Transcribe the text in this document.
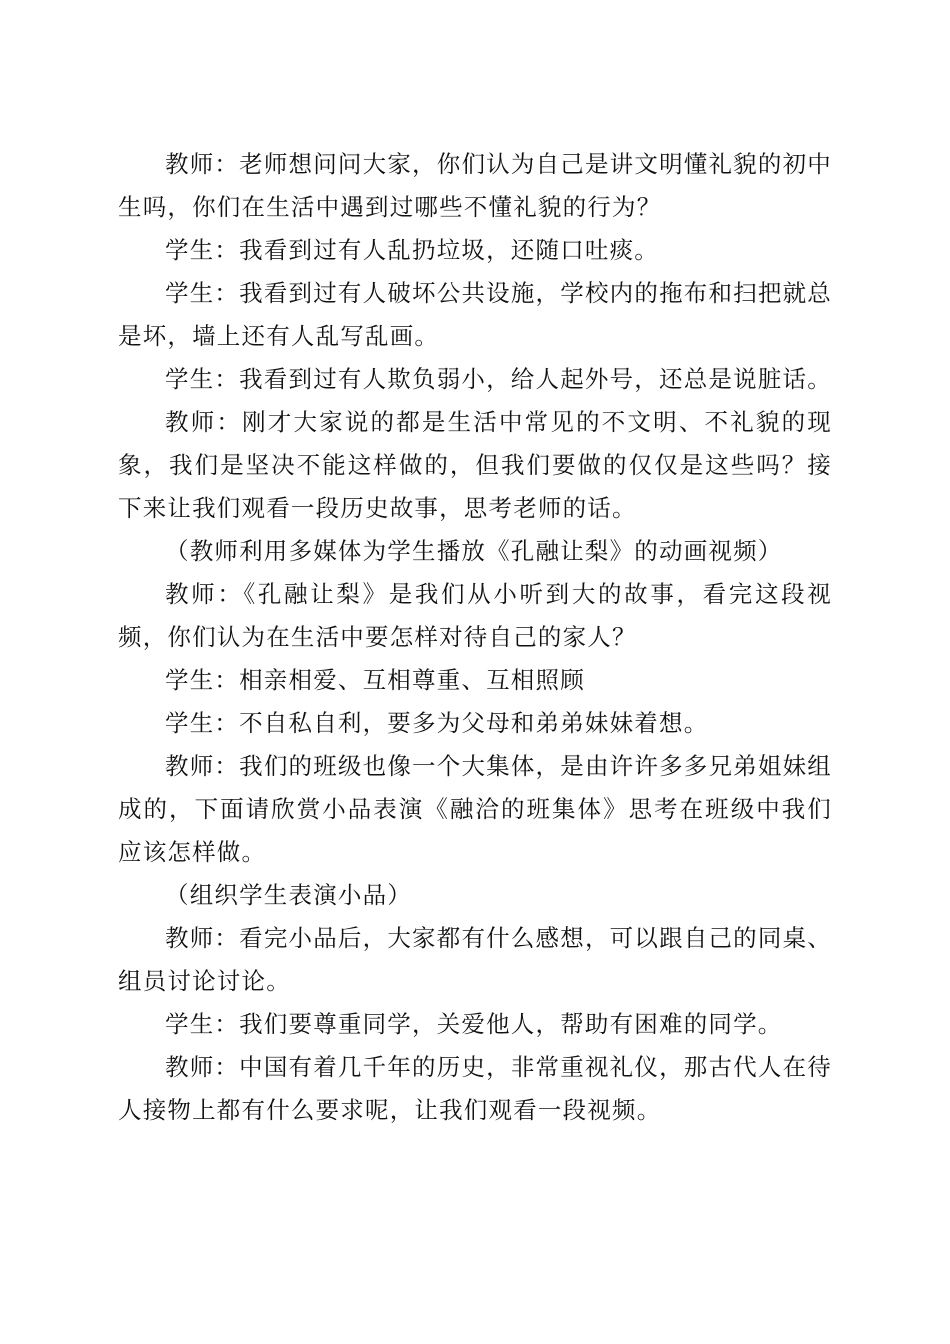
教师：老师想问问大家，你们认为自己是讲文明懂礼貌的初中生吗，你们在生活中遇到过哪些不懂礼貌的行为？

学生：我看到过有人乱扔垃圾，还随口吐痰。

学生：我看到过有人破坏公共设施，学校内的拖布和扫把就总是坏，墙上还有人乱写乱画。

学生：我看到过有人欺负弱小，给人起外号，还总是说脏话。

教师：刚才大家说的都是生活中常见的不文明、不礼貌的现象，我们是坚决不能这样做的，但我们要做的仅仅是这些吗？接下来让我们观看一段历史故事，思考老师的话。

（教师利用多媒体为学生播放《孔融让梨》的动画视频）

教师：《孔融让梨》是我们从小听到大的故事，看完这段视频，你们认为在生活中要怎样对待自己的家人？

学生：相亲相爱、互相尊重、互相照顾

学生：不自私自利，要多为父母和弟弟妹妹着想。

教师：我们的班级也像一个大集体，是由许许多多兄弟姐妹组成的，下面请欣赏小品表演《融洽的班集体》思考在班级中我们应该怎样做。

（组织学生表演小品）

教师：看完小品后，大家都有什么感想，可以跟自己的同桌、组员讨论讨论。

学生：我们要尊重同学，关爱他人，帮助有困难的同学。

教师：中国有着几千年的历史，非常重视礼仪，那古代人在待人接物上都有什么要求呢，让我们观看一段视频。
